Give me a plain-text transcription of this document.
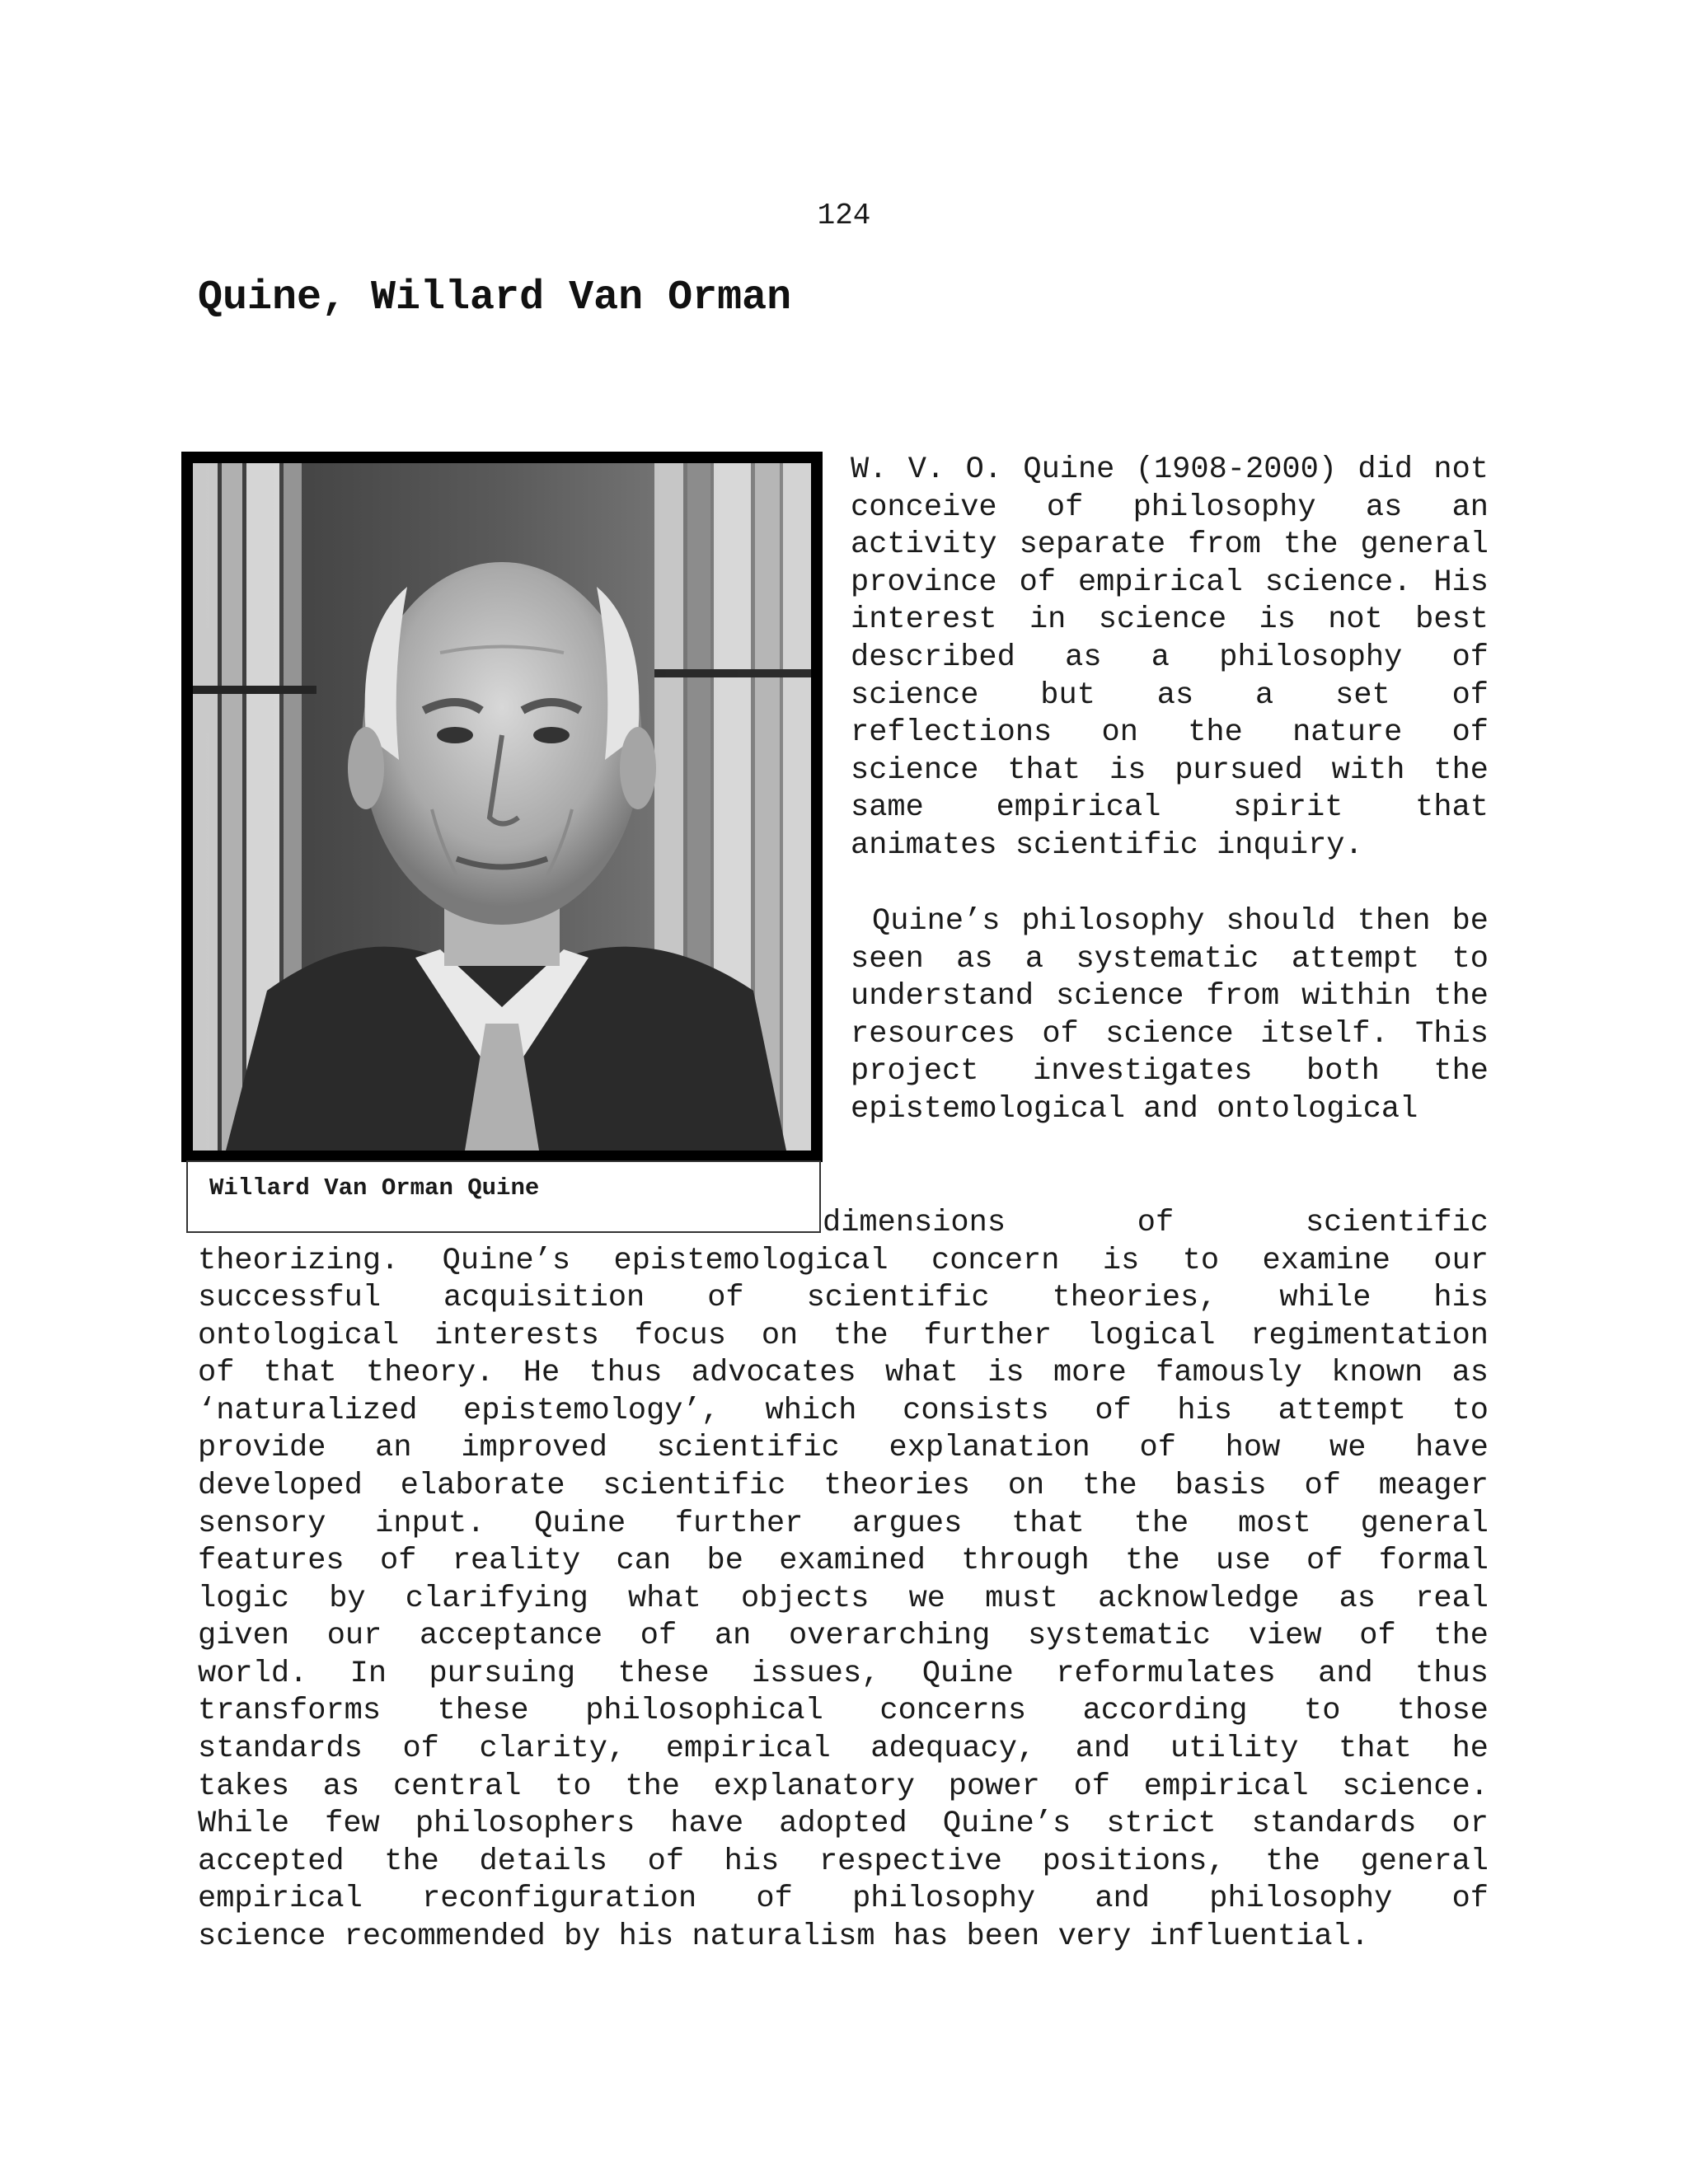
124
Quine, Willard Van Orman
Willard Van Orman Quine

W. V. O. Quine (1908-2000) did not conceive of philosophy as an activity separate from the general province of empirical science. His interest in science is not best described as a philosophy of science but as a set of reflections on the nature of science that is pursued with the same empirical spirit that animates scientific inquiry.

Quine’s philosophy should then be seen as a systematic attempt to understand science from within the resources of science itself. This project investigates both the epistemological and ontological

dimensions of scientific
theorizing. Quine’s epistemological concern is to examine our
successful acquisition of scientific theories, while his
ontological interests focus on the further logical regimentation
of that theory. He thus advocates what is more famously known as
‘naturalized epistemology’, which consists of his attempt to
provide an improved scientific explanation of how we have
developed elaborate scientific theories on the basis of meager
sensory input. Quine further argues that the most general
features of reality can be examined through the use of formal
logic by clarifying what objects we must acknowledge as real
given our acceptance of an overarching systematic view of the
world. In pursuing these issues, Quine reformulates and thus
transforms these philosophical concerns according to those
standards of clarity, empirical adequacy, and utility that he
takes as central to the explanatory power of empirical science.
While few philosophers have adopted Quine’s strict standards or
accepted the details of his respective positions, the general
empirical reconfiguration of philosophy and philosophy of
science recommended by his naturalism has been very influential.
